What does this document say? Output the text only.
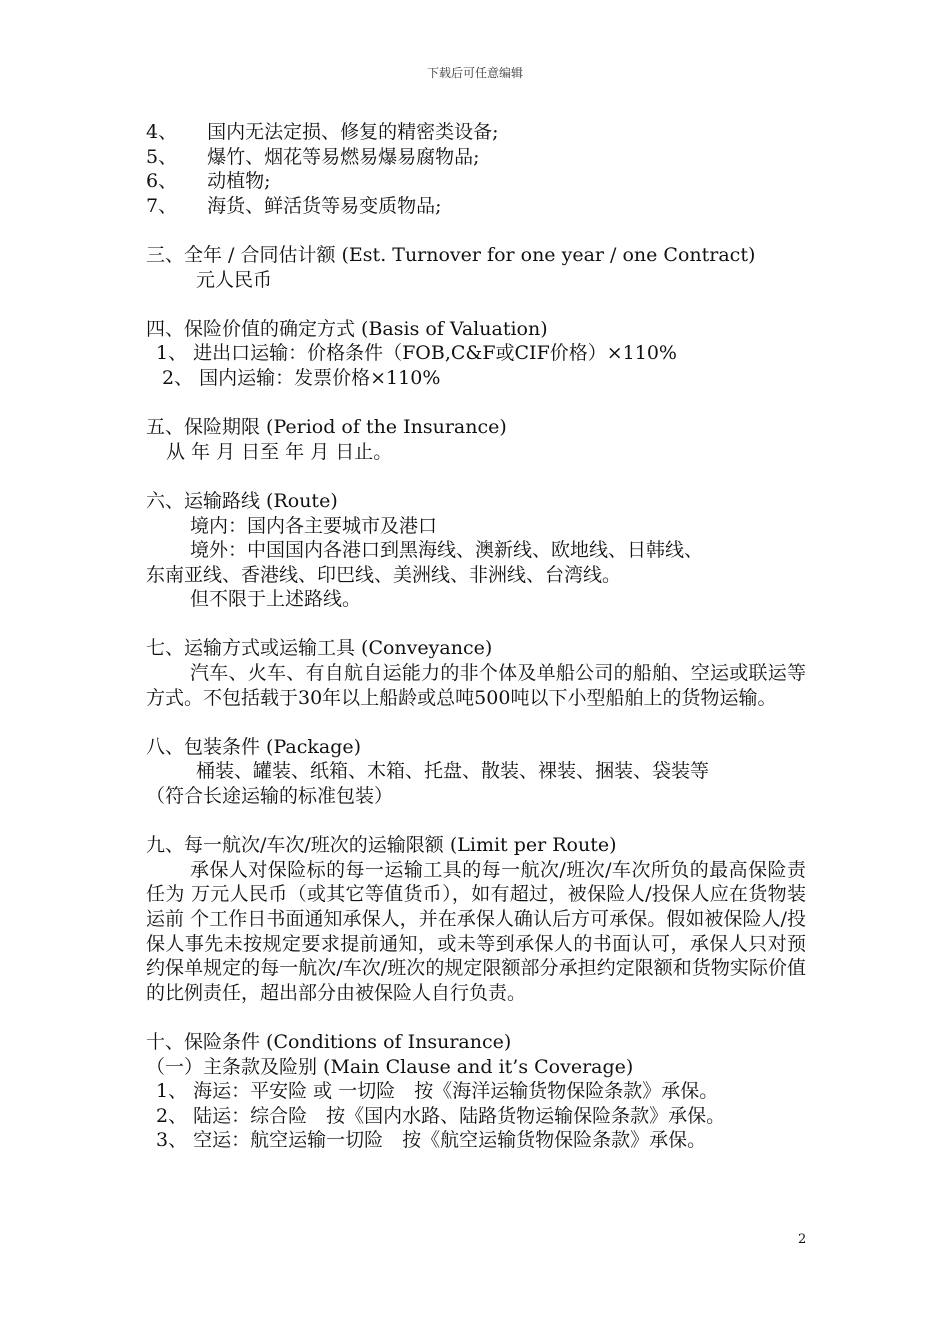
下载后可任意编辑
4、 国内无法定损、修复的精密类设备;
5、 爆竹、烟花等易燃易爆易腐物品;
6、 动植物;
7、 海货、鲜活货等易变质物品;
三、全年 / 合同估计额 (Est. Turnover for one year / one Contract)
元人民币
四、保险价值的确定方式 (Basis of Valuation)
1、 进出口运输：价格条件（FOB,C&F或CIF价格）×110%
2、 国内运输：发票价格×110%
五、保险期限 (Period of the Insurance)
从 年 月 日至 年 月 日止。
六、运输路线 (Route)
境内：国内各主要城市及港口
境外：中国国内各港口到黑海线、澳新线、欧地线、日韩线、
东南亚线、香港线、印巴线、美洲线、非洲线、台湾线。
但不限于上述路线。
七、运输方式或运输工具 (Conveyance)
汽车、火车、有自航自运能力的非个体及单船公司的船舶、空运或联运等方式。不包括载于30年以上船龄或总吨500吨以下小型船舶上的货物运输。
八、包装条件 (Package)
桶装、罐装、纸箱、木箱、托盘、散装、裸装、捆装、袋装等
（符合长途运输的标准包装）
九、每一航次/车次/班次的运输限额 (Limit per Route)
承保人对保险标的每一运输工具的每一航次/班次/车次所负的最高保险责任为 万元人民币（或其它等值货币），如有超过，被保险人/投保人应在货物装运前 个工作日书面通知承保人，并在承保人确认后方可承保。假如被保险人/投保人事先未按规定要求提前通知，或未等到承保人的书面认可，承保人只对预约保单规定的每一航次/车次/班次的规定限额部分承担约定限额和货物实际价值的比例责任，超出部分由被保险人自行负责。
十、保险条件 (Conditions of Insurance)
（一）主条款及险别 (Main Clause and it’s Coverage)
1、 海运：平安险 或 一切险　按《海洋运输货物保险条款》承保。
2、 陆运：综合险　按《国内水路、陆路货物运输保险条款》承保。
3、 空运：航空运输一切险　按《航空运输货物保险条款》承保。
2
